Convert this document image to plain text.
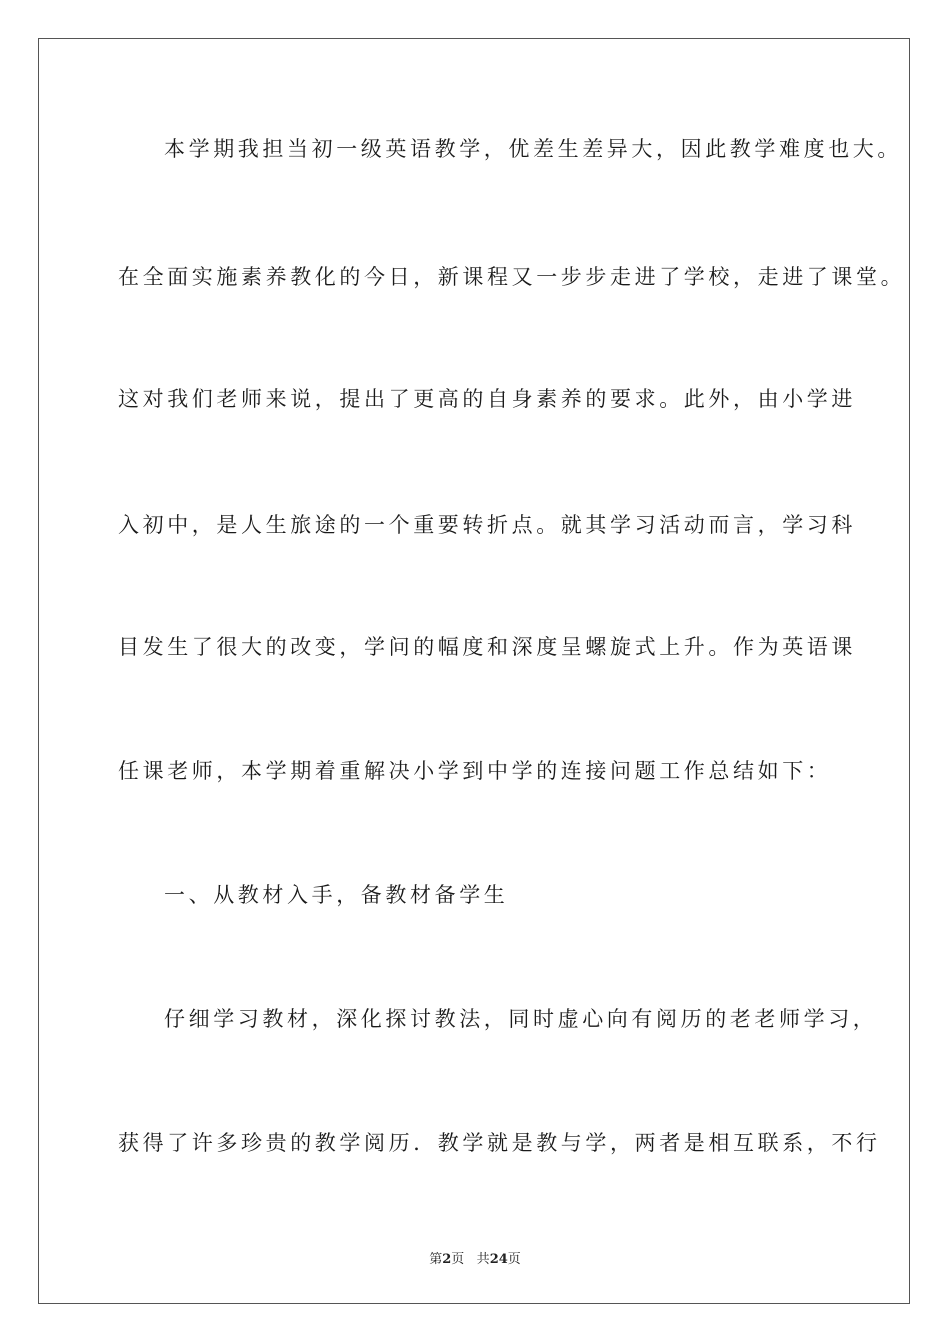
本学期我担当初一级英语教学，优差生差异大，因此教学难度也大。
在全面实施素养教化的今日，新课程又一步步走进了学校，走进了课堂。
这对我们老师来说，提出了更高的自身素养的要求。此外，由小学进
入初中，是人生旅途的一个重要转折点。就其学习活动而言，学习科
目发生了很大的改变，学问的幅度和深度呈螺旋式上升。作为英语课
任课老师，本学期着重解决小学到中学的连接问题工作总结如下：
一、从教材入手，备教材备学生
仔细学习教材，深化探讨教法，同时虚心向有阅历的老老师学习，
获得了许多珍贵的教学阅历．教学就是教与学，两者是相互联系，不行
第2页 共24页
